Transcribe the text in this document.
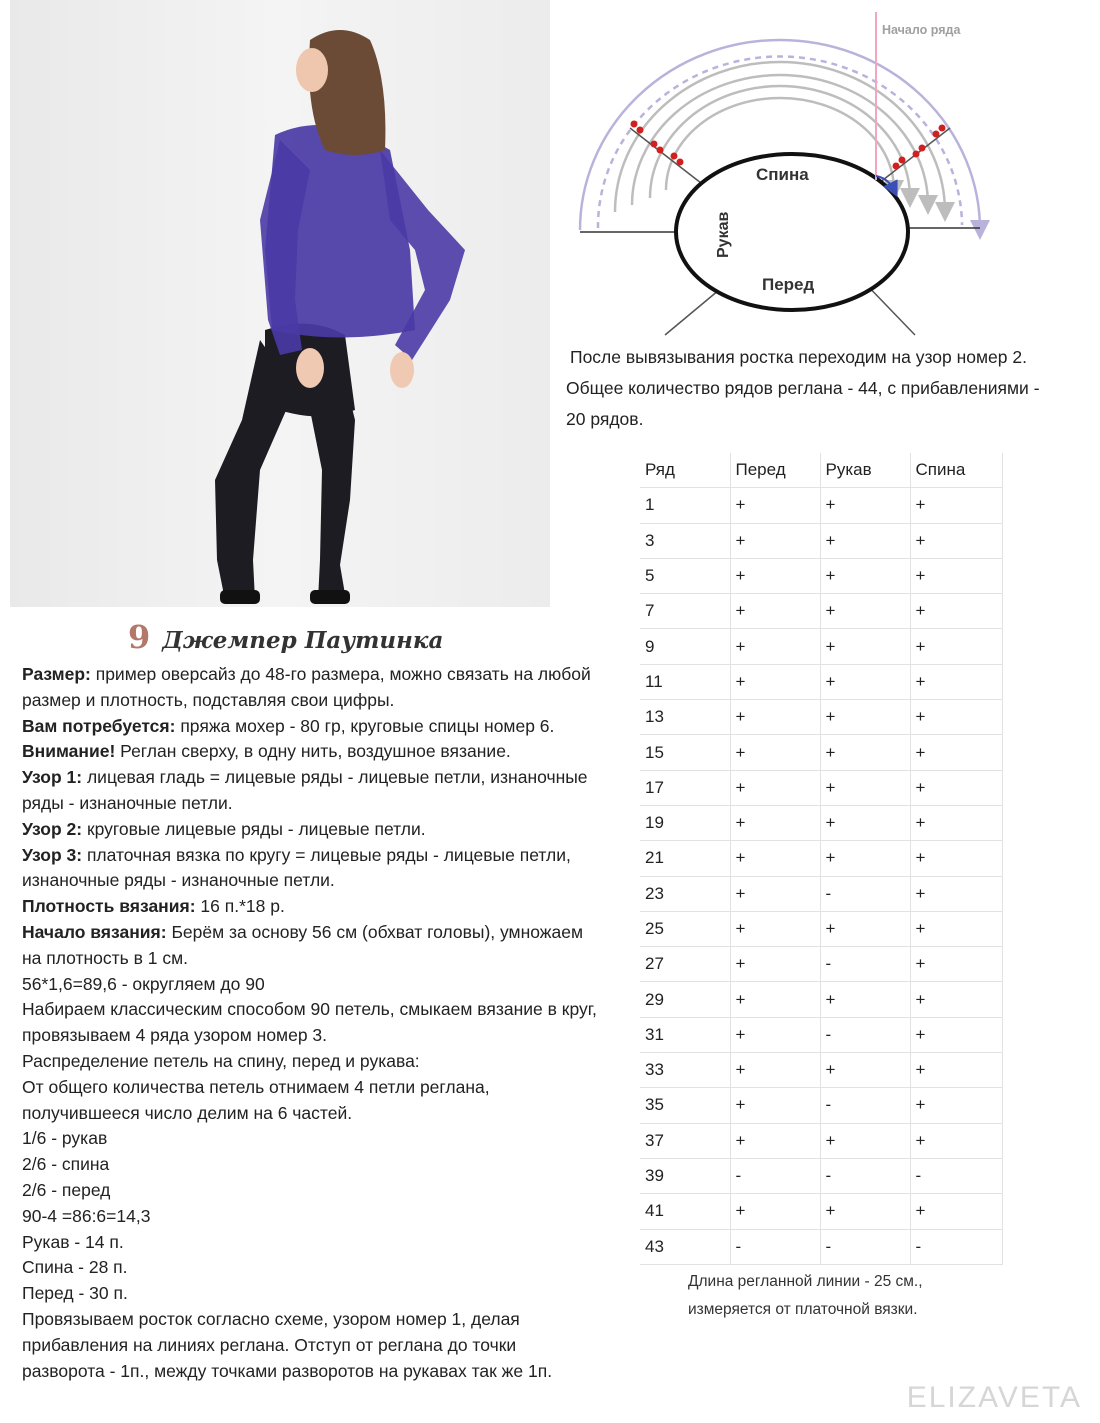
9 Джемпер Паутинка

Размер: пример оверсайз до 48-го размера, можно связать на любой

размер и плотность, подставляя свои цифры.

Вам потребуется: пряжа мохер - 80 гр, круговые спицы номер 6.

Внимание! Реглан сверху, в одну нить, воздушное вязание.

Узор 1: лицевая гладь = лицевые ряды - лицевые петли, изнаночные

ряды - изнаночные петли.

Узор 2: круговые лицевые ряды - лицевые петли.

Узор 3: платочная вязка по кругу = лицевые ряды - лицевые петли,

изнаночные ряды - изнаночные петли.

Плотность вязания: 16 п.*18 р.

Начало вязания: Берём за основу 56 см (обхват головы), умножаем

на плотность в 1 см.

56*1,6=89,6 - округляем до 90

Набираем классическим способом 90 петель, смыкаем вязание в круг,

провязываем 4 ряда узором номер 3.

Распределение петель на спину, перед и рукава:

От общего количества петель отнимаем 4 петли реглана,

получившееся число делим на 6 частей.

1/6 - рукав

2/6 - спина

2/6 - перед

90-4 =86:6=14,3

Рукав - 14 п.

Спина - 28 п.

Перед - 30 п.

Провязываем росток согласно схеме, узором номер 1, делая

прибавления на линиях реглана. Отступ от реглана до точки

разворота - 1п., между точками разворотов на рукавах так же 1п.

Начало ряда
Спина
Перед
Рукав

После вывязывания ростка переходим на узор номер 2.

Общее количество рядов реглана - 44, с прибавлениями -

20 рядов.

Ряд	Перед	Рукав	Спина
1	+	+	+
3	+	+	+
5	+	+	+
7	+	+	+
9	+	+	+
11	+	+	+
13	+	+	+
15	+	+	+
17	+	+	+
19	+	+	+
21	+	+	+
23	+	-	+
25	+	+	+
27	+	-	+
29	+	+	+
31	+	-	+
33	+	+	+
35	+	-	+
37	+	+	+
39	-	-	-
41	+	+	+
43	-	-	-

Длина регланной линии - 25 см.,

измеряется от платочной вязки.

ELIZAVETA
